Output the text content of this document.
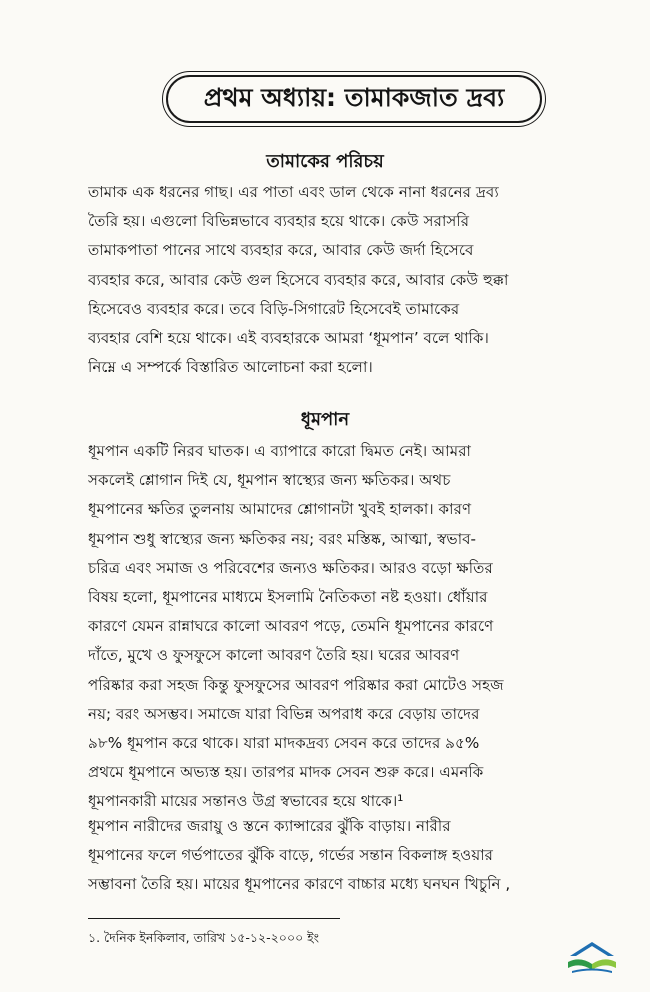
প্রথম অধ্যায়: তামাকজাত দ্রব্য
তামাকের পরিচয়
তামাক এক ধরনের গাছ। এর পাতা এবং ডাল থেকে নানা ধরনের দ্রব্য
তৈরি হয়। এগুলো বিভিন্নভাবে ব্যবহার হয়ে থাকে। কেউ সরাসরি
তামাকপাতা পানের সাথে ব্যবহার করে, আবার কেউ জর্দা হিসেবে
ব্যবহার করে, আবার কেউ গুল হিসেবে ব্যবহার করে, আবার কেউ হুক্কা
হিসেবেও ব্যবহার করে। তবে বিড়ি-সিগারেট হিসেবেই তামাকের
ব্যবহার বেশি হয়ে থাকে। এই ব্যবহারকে আমরা ‘ধূমপান’ বলে থাকি।
নিম্নে এ সম্পর্কে বিস্তারিত আলোচনা করা হলো।
ধূমপান
ধূমপান একটি নিরব ঘাতক। এ ব্যাপারে কারো দ্বিমত নেই। আমরা
সকলেই শ্লোগান দিই যে, ধূমপান স্বাস্থ্যের জন্য ক্ষতিকর। অথচ
ধূমপানের ক্ষতির তুলনায় আমাদের শ্লোগানটা খুবই হালকা। কারণ
ধূমপান শুধু স্বাস্থ্যের জন্য ক্ষতিকর নয়; বরং মস্তিষ্ক, আত্মা, স্বভাব-
চরিত্র এবং সমাজ ও পরিবেশের জন্যও ক্ষতিকর। আরও বড়ো ক্ষতির
বিষয় হলো, ধূমপানের মাধ্যমে ইসলামি নৈতিকতা নষ্ট হওয়া। ধোঁয়ার
কারণে যেমন রান্নাঘরে কালো আবরণ পড়ে, তেমনি ধূমপানের কারণে
দাঁতে, মুখে ও ফুসফুসে কালো আবরণ তৈরি হয়। ঘরের আবরণ
পরিষ্কার করা সহজ কিন্তু ফুসফুসের আবরণ পরিষ্কার করা মোটেও সহজ
নয়; বরং অসম্ভব। সমাজে যারা বিভিন্ন অপরাধ করে বেড়ায় তাদের
৯৮% ধূমপান করে থাকে। যারা মাদকদ্রব্য সেবন করে তাদের ৯৫%
প্রথমে ধূমপানে অভ্যস্ত হয়। তারপর মাদক সেবন শুরু করে। এমনকি
ধূমপানকারী মায়ের সন্তানও উগ্র স্বভাবের হয়ে থাকে।¹
ধূমপান নারীদের জরায়ু ও স্তনে ক্যান্সারের ঝুঁকি বাড়ায়। নারীর
ধূমপানের ফলে গর্ভপাতের ঝুঁকি বাড়ে, গর্ভের সন্তান বিকলাঙ্গ হওয়ার
সম্ভাবনা তৈরি হয়। মায়ের ধূমপানের কারণে বাচ্চার মধ্যে ঘনঘন খিচুনি ,
১. দৈনিক ইনকিলাব, তারিখ ১৫-১২-২০০০ ইং
